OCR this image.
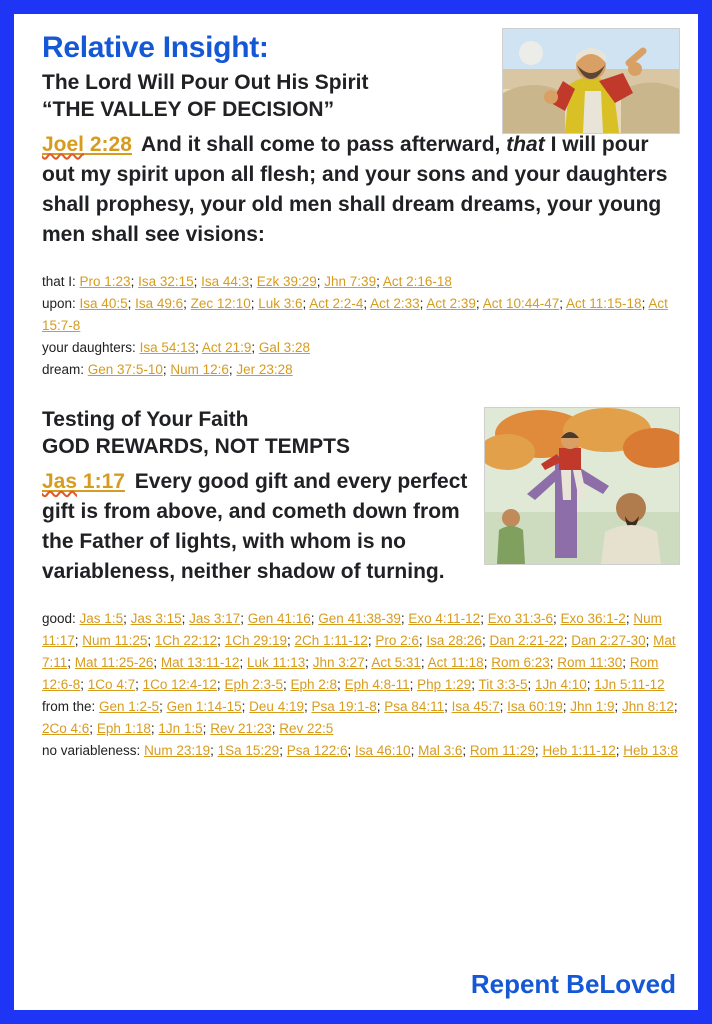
Relative Insight:

The Lord Will Pour Out His Spirit

“THE VALLEY OF DECISION”

Joel 2:28 And it shall come to pass afterward, that I will pour out my spirit upon all flesh; and your sons and your daughters shall prophesy, your old men shall dream dreams, your young men shall see visions:

that I: Pro 1:23; Isa 32:15; Isa 44:3; Ezk 39:29; Jhn 7:39; Act 2:16-18

upon: Isa 40:5; Isa 49:6; Zec 12:10; Luk 3:6; Act 2:2-4; Act 2:33; Act 2:39; Act 10:44-47; Act 11:15-18; Act 15:7-8

your daughters: Isa 54:13; Act 21:9; Gal 3:28

dream: Gen 37:5-10; Num 12:6; Jer 23:28

Testing of Your Faith

GOD REWARDS, NOT TEMPTS

Jas 1:17 Every good gift and every perfect gift is from above, and cometh down from the Father of lights, with whom is no variableness, neither shadow of turning.

good: Jas 1:5; Jas 3:15; Jas 3:17; Gen 41:16; Gen 41:38-39; Exo 4:11-12; Exo 31:3-6; Exo 36:1-2; Num 11:17; Num 11:25; 1Ch 22:12; 1Ch 29:19; 2Ch 1:11-12; Pro 2:6; Isa 28:26; Dan 2:21-22; Dan 2:27-30; Mat 7:11; Mat 11:25-26; Mat 13:11-12; Luk 11:13; Jhn 3:27; Act 5:31; Act 11:18; Rom 6:23; Rom 11:30; Rom 12:6-8; 1Co 4:7; 1Co 12:4-12; Eph 2:3-5; Eph 2:8; Eph 4:8-11; Php 1:29; Tit 3:3-5; 1Jn 4:10; 1Jn 5:11-12

from the: Gen 1:2-5; Gen 1:14-15; Deu 4:19; Psa 19:1-8; Psa 84:11; Isa 45:7; Isa 60:19; Jhn 1:9; Jhn 8:12; 2Co 4:6; Eph 1:18; 1Jn 1:5; Rev 21:23; Rev 22:5

no variableness: Num 23:19; 1Sa 15:29; Psa 122:6; Isa 46:10; Mal 3:6; Rom 11:29; Heb 1:11-12; Heb 13:8

Repent BeLoved
